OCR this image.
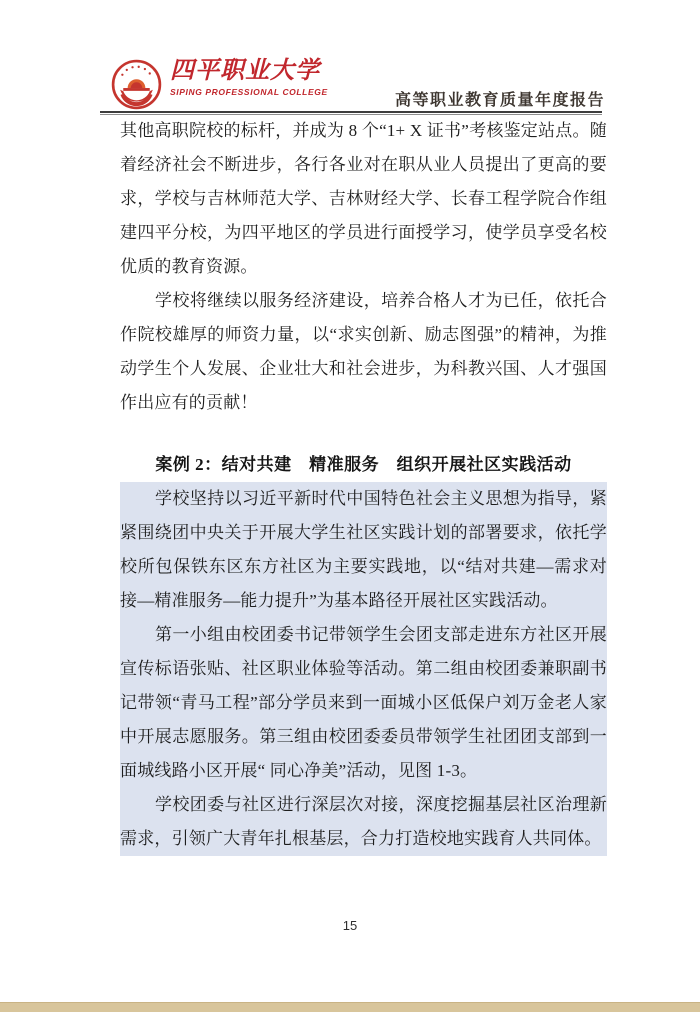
四平职业大学
SIPING PROFESSIONAL COLLEGE	高等职业教育质量年度报告

其他高职院校的标杆，并成为 8 个“1+ X 证书”考核鉴定站点。随着经济社会不断进步，各行各业对在职从业人员提出了更高的要求，学校与吉林师范大学、吉林财经大学、长春工程学院合作组建四平分校，为四平地区的学员进行面授学习，使学员享受名校优质的教育资源。

学校将继续以服务经济建设，培养合格人才为已任，依托合作院校雄厚的师资力量，以“求实创新、励志图强”的精神，为推动学生个人发展、企业壮大和社会进步，为科教兴国、人才强国作出应有的贡献！

案例 2：结对共建　精准服务　组织开展社区实践活动

学校坚持以习近平新时代中国特色社会主义思想为指导，紧紧围绕团中央关于开展大学生社区实践计划的部署要求，依托学校所包保铁东区东方社区为主要实践地，以“结对共建—需求对接—精准服务—能力提升”为基本路径开展社区实践活动。

第一小组由校团委书记带领学生会团支部走进东方社区开展宣传标语张贴、社区职业体验等活动。第二组由校团委兼职副书记带领“青马工程”部分学员来到一面城小区低保户刘万金老人家中开展志愿服务。第三组由校团委委员带领学生社团团支部到一面城线路小区开展“ 同心净美”活动，见图 1-3。

学校团委与社区进行深层次对接，深度挖掘基层社区治理新需求，引领广大青年扎根基层，合力打造校地实践育人共同体。

15
